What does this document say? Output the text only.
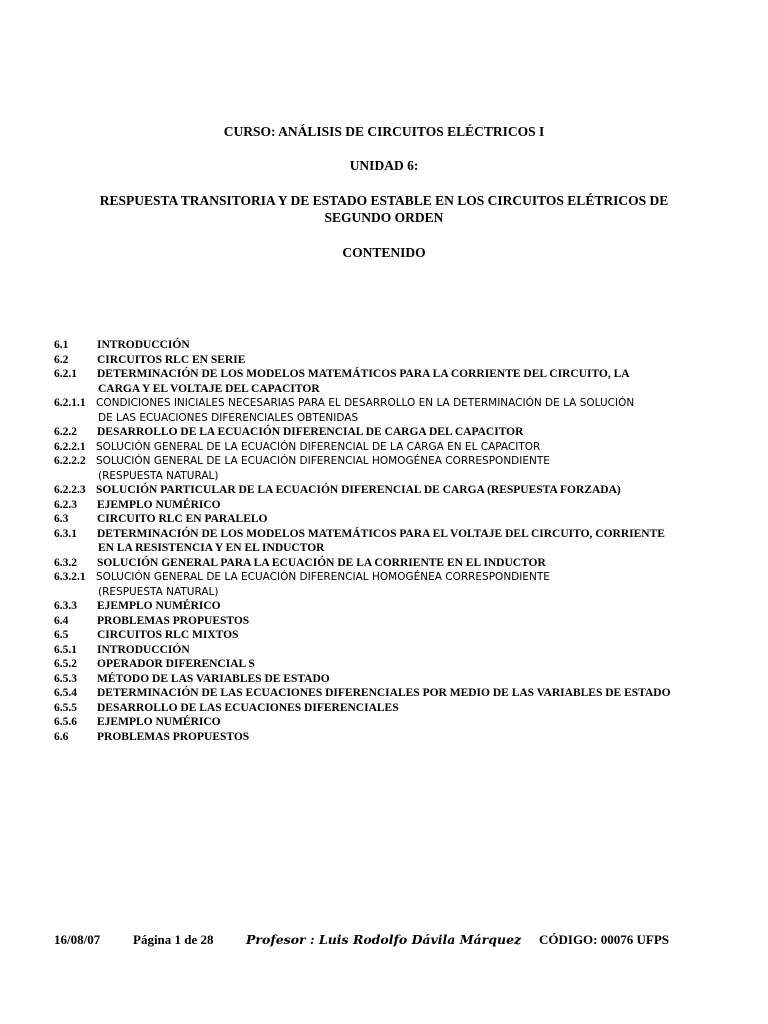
CURSO: ANÁLISIS DE CIRCUITOS ELÉCTRICOS I
UNIDAD 6:
RESPUESTA TRANSITORIA Y DE ESTADO ESTABLE EN LOS CIRCUITOS ELÉTRICOS DE
SEGUNDO ORDEN
CONTENIDO
6.1 INTRODUCCIÓN
6.2 CIRCUITOS RLC EN SERIE
6.2.1 DETERMINACIÓN DE LOS MODELOS MATEMÁTICOS PARA LA CORRIENTE DEL CIRCUITO, LA
CARGA Y EL VOLTAJE DEL CAPACITOR
6.2.1.1 CONDICIONES INICIALES NECESARIAS PARA EL DESARROLLO EN LA DETERMINACIÓN DE LA SOLUCIÓN
DE LAS ECUACIONES DIFERENCIALES OBTENIDAS
6.2.2 DESARROLLO DE LA ECUACIÓN DIFERENCIAL DE CARGA DEL CAPACITOR
6.2.2.1 SOLUCIÓN GENERAL DE LA ECUACIÓN DIFERENCIAL DE LA CARGA EN EL CAPACITOR
6.2.2.2 SOLUCIÓN GENERAL DE LA ECUACIÓN DIFERENCIAL HOMOGÉNEA CORRESPONDIENTE
(RESPUESTA NATURAL)
6.2.2.3 SOLUCIÓN PARTICULAR DE LA ECUACIÓN DIFERENCIAL DE CARGA (RESPUESTA FORZADA)
6.2.3 EJEMPLO NUMÉRICO
6.3 CIRCUITO RLC EN PARALELO
6.3.1 DETERMINACIÓN DE LOS MODELOS MATEMÁTICOS PARA EL VOLTAJE DEL CIRCUITO, CORRIENTE
EN LA RESISTENCIA Y EN EL INDUCTOR
6.3.2 SOLUCIÓN GENERAL PARA LA ECUACIÓN DE LA CORRIENTE EN EL INDUCTOR
6.3.2.1 SOLUCIÓN GENERAL DE LA ECUACIÓN DIFERENCIAL HOMOGÉNEA CORRESPONDIENTE
(RESPUESTA NATURAL)
6.3.3 EJEMPLO NUMÉRICO
6.4 PROBLEMAS PROPUESTOS
6.5 CIRCUITOS RLC MIXTOS
6.5.1 INTRODUCCIÓN
6.5.2 OPERADOR DIFERENCIAL S
6.5.3 MÉTODO DE LAS VARIABLES DE ESTADO
6.5.4 DETERMINACIÓN DE LAS ECUACIONES DIFERENCIALES POR MEDIO DE LAS VARIABLES DE ESTADO
6.5.5 DESARROLLO DE LAS ECUACIONES DIFERENCIALES
6.5.6 EJEMPLO NUMÉRICO
6.6 PROBLEMAS PROPUESTOS
16/08/07	Página 1 de 28	Profesor : Luis Rodolfo Dávila Márquez CÓDIGO: 00076 UFPS
